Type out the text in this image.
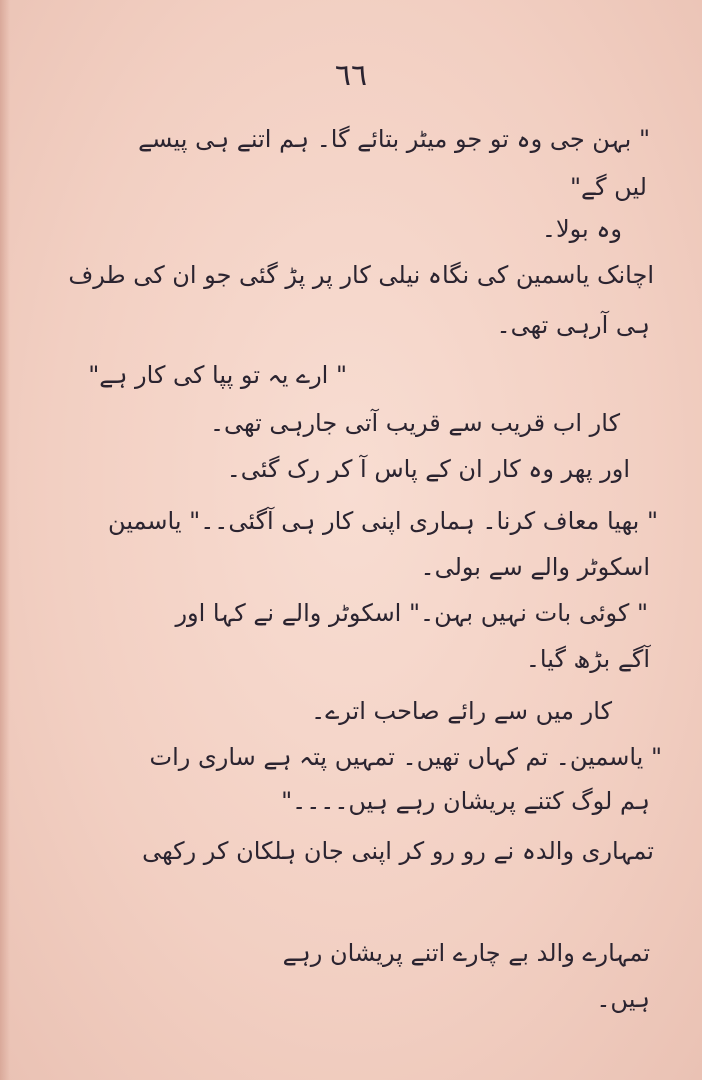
٦٦
" بہن جی وہ تو جو میٹر بتائے گا۔ ہم اتنے ہی پیسے
لیں گے"
وہ بولا۔
اچانک یاسمین کی نگاہ نیلی کار پر پڑ گئی جو ان کی طرف
ہی آرہی تھی۔
" ارے یہ تو پپا کی کار ہے"
کار اب قریب سے قریب آتی جارہی تھی۔
اور پھر وہ کار ان کے پاس آ کر رک گئی۔
" بھیا معاف کرنا۔ ہماری اپنی کار ہی آگئی۔۔" یاسمین
اسکوٹر والے سے بولی۔
" کوئی بات نہیں بہن۔" اسکوٹر والے نے کہا اور
آگے بڑھ گیا۔
کار میں سے رائے صاحب اترے۔
" یاسمین۔ تم کہاں تھیں۔ تمہیں پتہ ہے ساری رات
ہم لوگ کتنے پریشان رہے ہیں۔۔۔۔"
تمہاری والدہ نے رو رو کر اپنی جان ہلکان کر رکھی
تمہارے والد بے چارے اتنے پریشان رہے
ہیں۔
